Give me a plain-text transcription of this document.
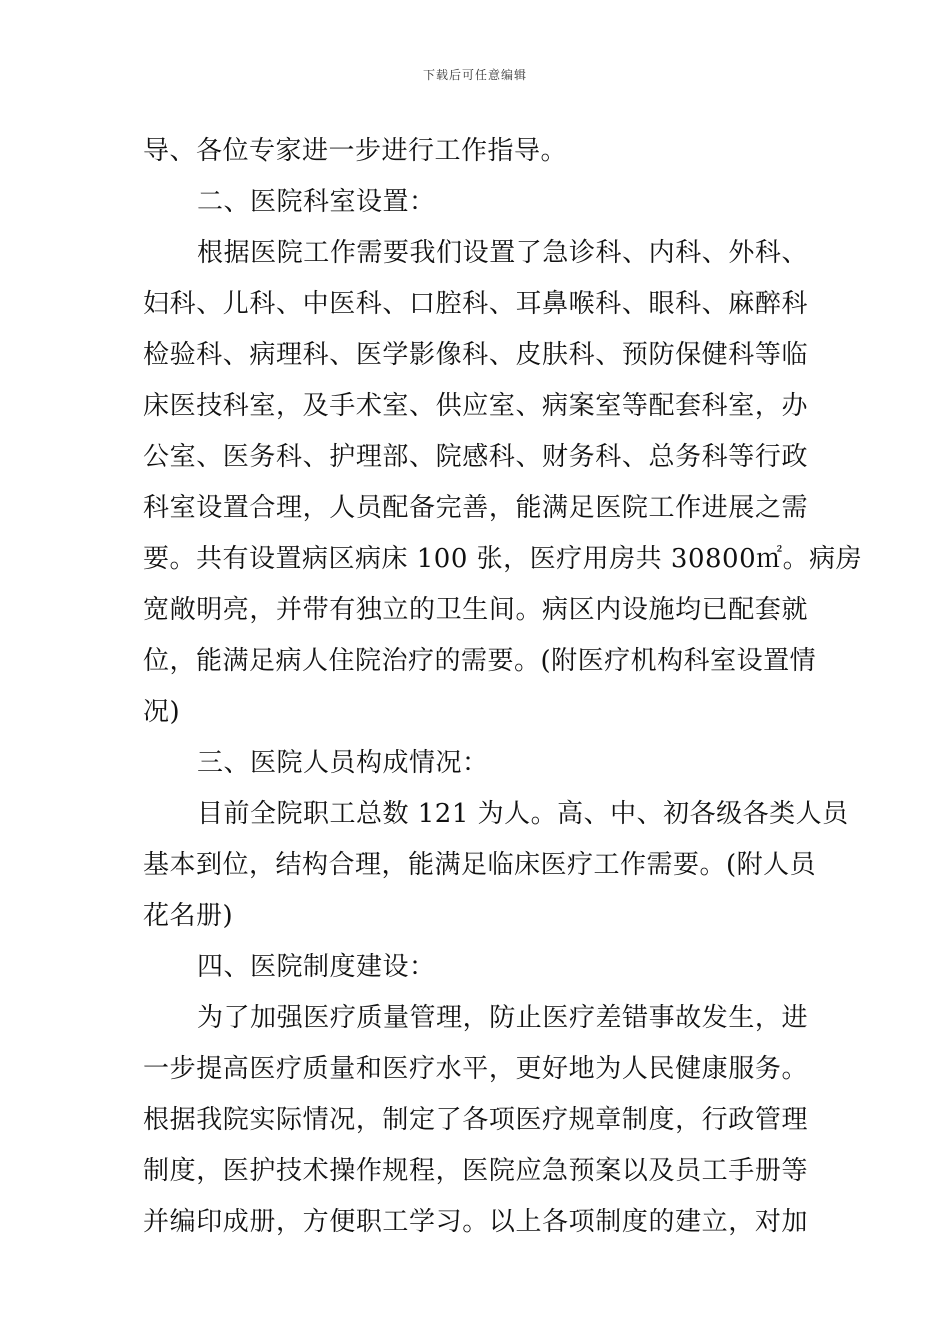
下载后可任意编辑
导、各位专家进一步进行工作指导。
二、医院科室设置：
根据医院工作需要我们设置了急诊科、内科、外科、
妇科、儿科、中医科、口腔科、耳鼻喉科、眼科、麻醉科
检验科、病理科、医学影像科、皮肤科、预防保健科等临
床医技科室，及手术室、供应室、病案室等配套科室，办
公室、医务科、护理部、院感科、财务科、总务科等行政
科室设置合理，人员配备完善，能满足医院工作进展之需
要。共有设置病区病床 100 张，医疗用房共 30800㎡。病房
宽敞明亮，并带有独立的卫生间。病区内设施均已配套就
位，能满足病人住院治疗的需要。(附医疗机构科室设置情
况)
三、医院人员构成情况：
目前全院职工总数 121 为人。高、中、初各级各类人员
基本到位，结构合理，能满足临床医疗工作需要。(附人员
花名册)
四、医院制度建设：
为了加强医疗质量管理，防止医疗差错事故发生，进
一步提高医疗质量和医疗水平，更好地为人民健康服务。
根据我院实际情况，制定了各项医疗规章制度，行政管理
制度，医护技术操作规程，医院应急预案以及员工手册等
并编印成册，方便职工学习。以上各项制度的建立，对加
